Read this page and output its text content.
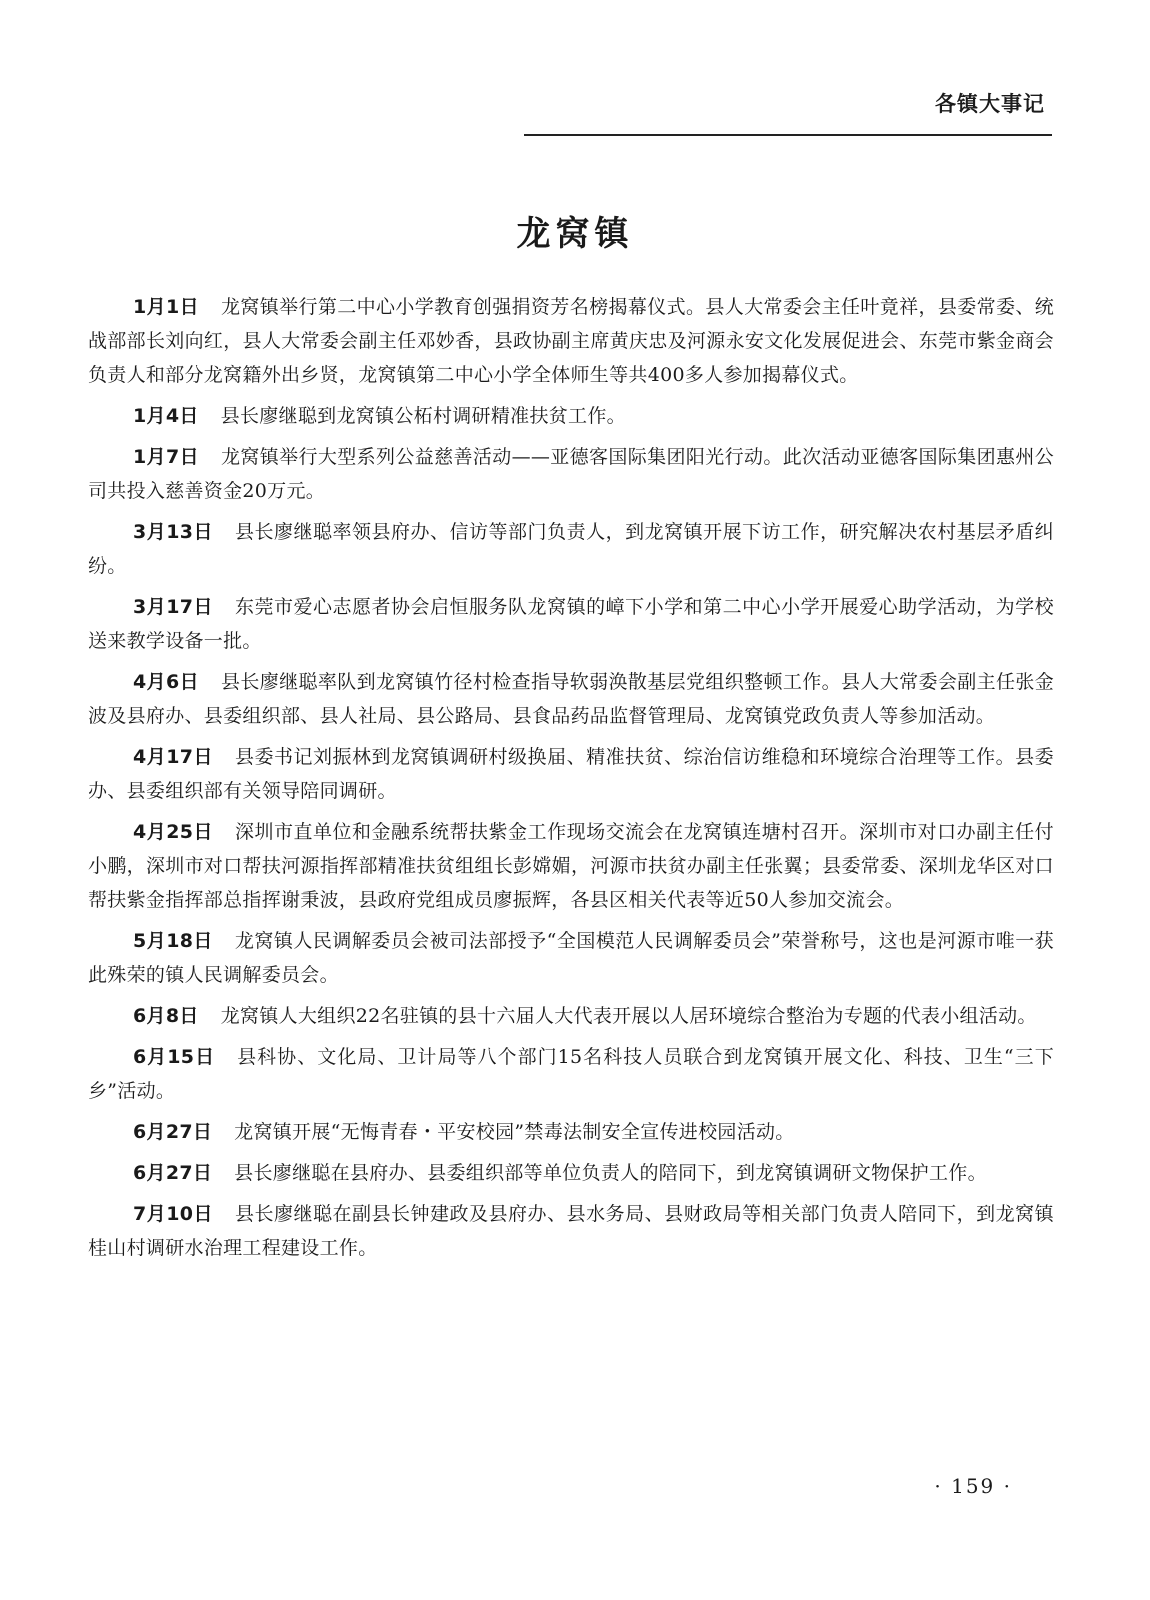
各镇大事记
龙窝镇

1月1日 龙窝镇举行第二中心小学教育创强捐资芳名榜揭幕仪式。县人大常委会主任叶竟祥，县委常委、统战部部长刘向红，县人大常委会副主任邓妙香，县政协副主席黄庆忠及河源永安文化发展促进会、东莞市紫金商会负责人和部分龙窝籍外出乡贤，龙窝镇第二中心小学全体师生等共400多人参加揭幕仪式。

1月4日 县长廖继聪到龙窝镇公柘村调研精准扶贫工作。

1月7日 龙窝镇举行大型系列公益慈善活动——亚德客国际集团阳光行动。此次活动亚德客国际集团惠州公司共投入慈善资金20万元。

3月13日 县长廖继聪率领县府办、信访等部门负责人，到龙窝镇开展下访工作，研究解决农村基层矛盾纠纷。

3月17日 东莞市爱心志愿者协会启恒服务队龙窝镇的嶂下小学和第二中心小学开展爱心助学活动，为学校送来教学设备一批。

4月6日 县长廖继聪率队到龙窝镇竹径村检查指导软弱涣散基层党组织整顿工作。县人大常委会副主任张金波及县府办、县委组织部、县人社局、县公路局、县食品药品监督管理局、龙窝镇党政负责人等参加活动。

4月17日 县委书记刘振林到龙窝镇调研村级换届、精准扶贫、综治信访维稳和环境综合治理等工作。县委办、县委组织部有关领导陪同调研。

4月25日 深圳市直单位和金融系统帮扶紫金工作现场交流会在龙窝镇连塘村召开。深圳市对口办副主任付小鹏，深圳市对口帮扶河源指挥部精准扶贫组组长彭嫦媚，河源市扶贫办副主任张翼；县委常委、深圳龙华区对口帮扶紫金指挥部总指挥谢秉波，县政府党组成员廖振辉，各县区相关代表等近50人参加交流会。

5月18日 龙窝镇人民调解委员会被司法部授予“全国模范人民调解委员会”荣誉称号，这也是河源市唯一获此殊荣的镇人民调解委员会。

6月8日 龙窝镇人大组织22名驻镇的县十六届人大代表开展以人居环境综合整治为专题的代表小组活动。

6月15日 县科协、文化局、卫计局等八个部门15名科技人员联合到龙窝镇开展文化、科技、卫生“三下乡”活动。

6月27日 龙窝镇开展“无悔青春・平安校园”禁毒法制安全宣传进校园活动。

6月27日 县长廖继聪在县府办、县委组织部等单位负责人的陪同下，到龙窝镇调研文物保护工作。

7月10日 县长廖继聪在副县长钟建政及县府办、县水务局、县财政局等相关部门负责人陪同下，到龙窝镇桂山村调研水治理工程建设工作。

· 159 ·
